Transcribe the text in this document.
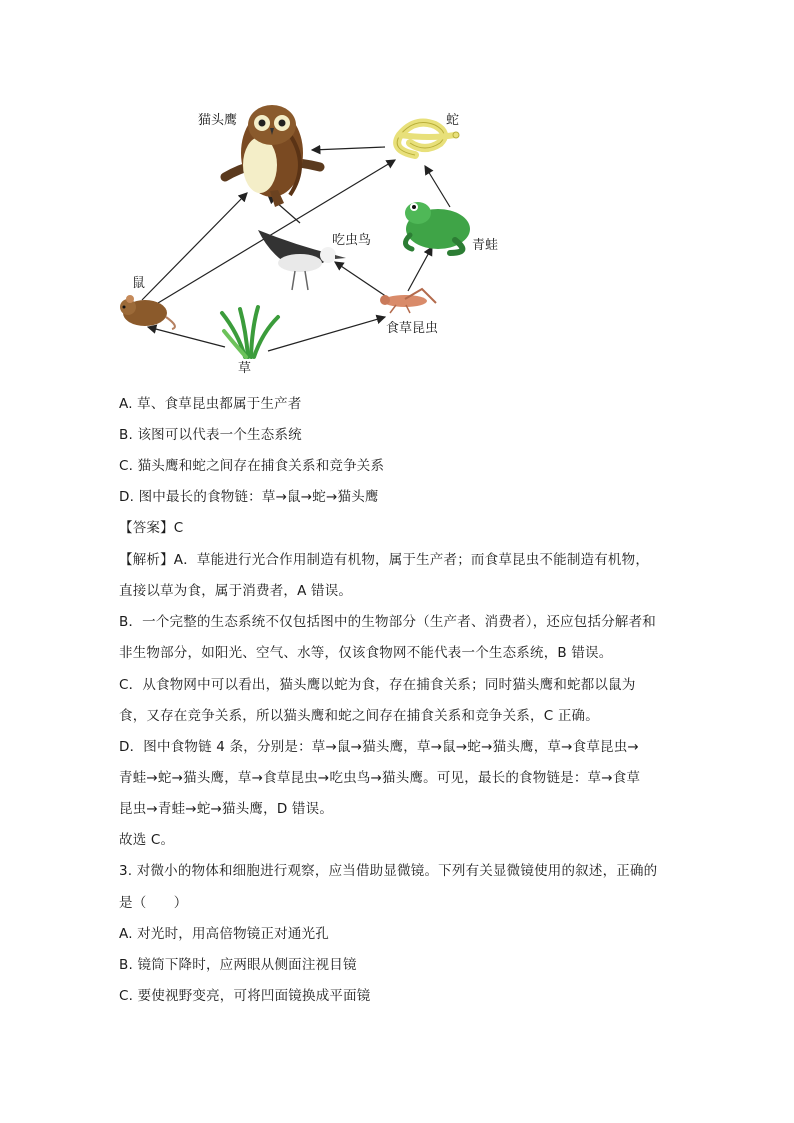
猫头鹰	蛇
吃虫鸟	青蛙
鼠
食草昆虫
草
A. 草、食草昆虫都属于生产者
B. 该图可以代表一个生态系统
C. 猫头鹰和蛇之间存在捕食关系和竞争关系
D. 图中最长的食物链：草→鼠→蛇→猫头鹰
【答案】C
【解析】A．草能进行光合作用制造有机物，属于生产者；而食草昆虫不能制造有机物，
直接以草为食，属于消费者，A 错误。
B．一个完整的生态系统不仅包括图中的生物部分（生产者、消费者），还应包括分解者和
非生物部分，如阳光、空气、水等，仅该食物网不能代表一个生态系统，B 错误。
C．从食物网中可以看出，猫头鹰以蛇为食，存在捕食关系；同时猫头鹰和蛇都以鼠为
食，又存在竞争关系，所以猫头鹰和蛇之间存在捕食关系和竞争关系，C 正确。
D．图中食物链 4 条，分别是：草→鼠→猫头鹰，草→鼠→蛇→猫头鹰，草→食草昆虫→
青蛙→蛇→猫头鹰，草→食草昆虫→吃虫鸟→猫头鹰。可见，最长的食物链是：草→食草
昆虫→青蛙→蛇→猫头鹰，D 错误。
故选 C。
3. 对微小的物体和细胞进行观察，应当借助显微镜。下列有关显微镜使用的叙述，正确的
是（　　）
A. 对光时，用高倍物镜正对通光孔
B. 镜筒下降时，应两眼从侧面注视目镜
C. 要使视野变亮，可将凹面镜换成平面镜
